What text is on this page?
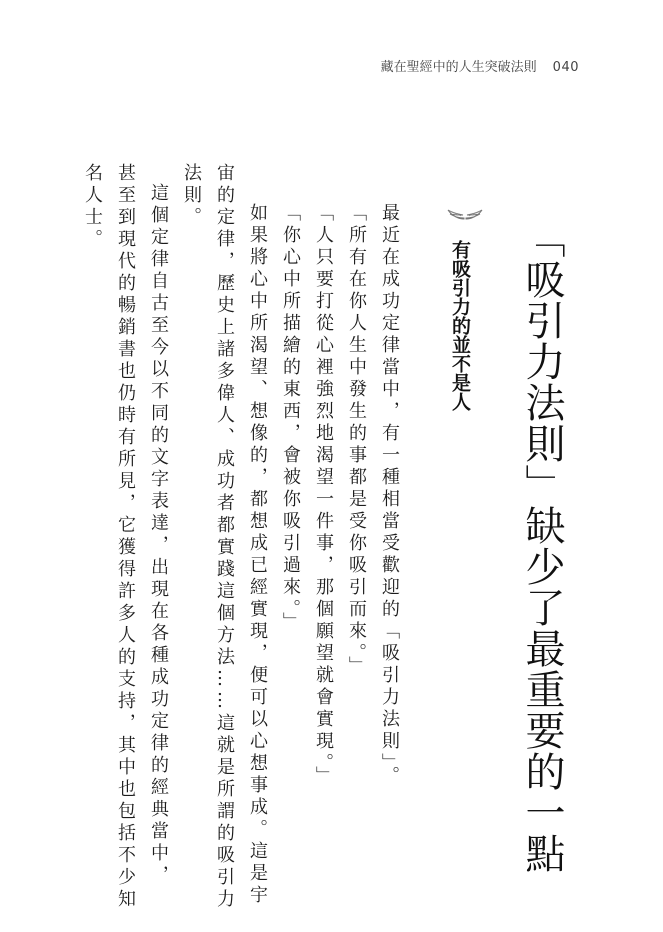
藏在聖經中的人生突破法則 040
「吸引力法則」缺少了最重要的一點
有吸引力的並不是人
最近在成功定律當中，有一種相當受歡迎的「吸引力法則」。
「所有在你人生中發生的事都是受你吸引而來。」
「人只要打從心裡強烈地渴望一件事，那個願望就會實現。」
「你心中所描繪的東西，會被你吸引過來。」
如果將心中所渴望、想像的，都想成已經實現，便可以心想事成。這是宇
宙的定律，歷史上諸多偉人、成功者都實踐這個方法……這就是所謂的吸引力
法則。
這個定律自古至今以不同的文字表達，出現在各種成功定律的經典當中，
甚至到現代的暢銷書也仍時有所見，它獲得許多人的支持，其中也包括不少知
名人士。
